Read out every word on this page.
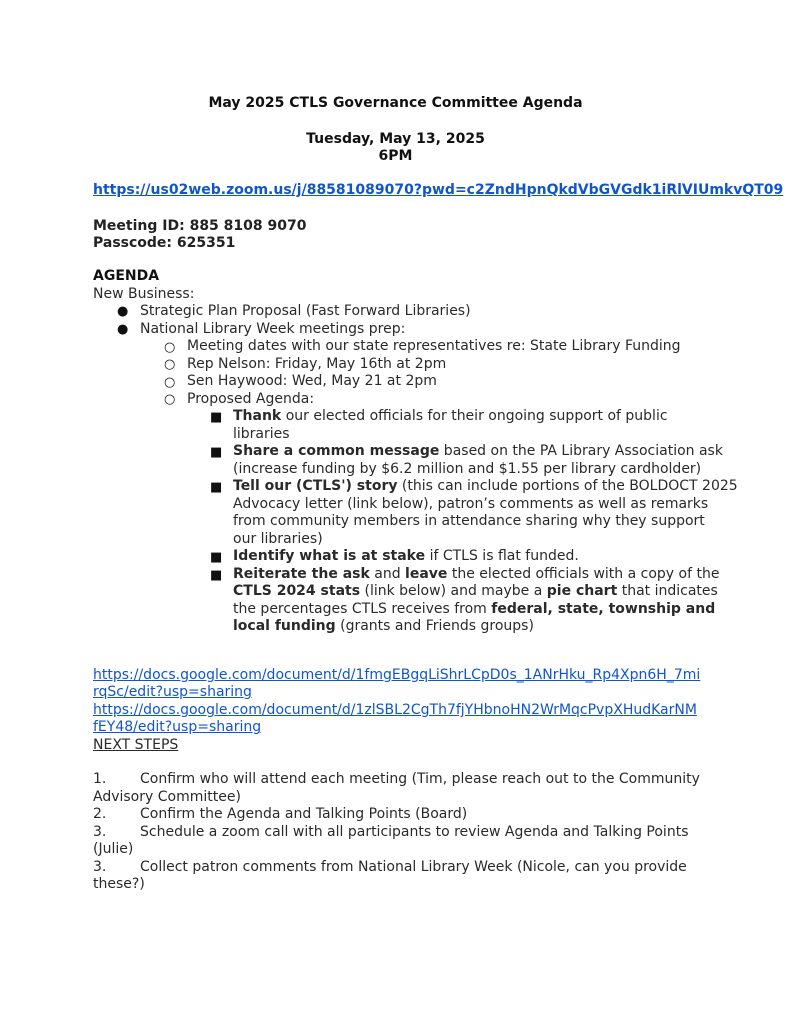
May 2025 CTLS Governance Committee Agenda
Tuesday, May 13, 2025
6PM
https://us02web.zoom.us/j/88581089070?pwd=c2ZndHpnQkdVbGVGdk1iRlVIUmkvQT09
Meeting ID: 885 8108 9070
Passcode: 625351
AGENDA
New Business:
● Strategic Plan Proposal (Fast Forward Libraries)
● National Library Week meetings prep:
○ Meeting dates with our state representatives re: State Library Funding
○ Rep Nelson: Friday, May 16th at 2pm
○ Sen Haywood: Wed, May 21 at 2pm
○ Proposed Agenda:
■ Thank our elected officials for their ongoing support of public
libraries
■ Share a common message based on the PA Library Association ask
(increase funding by $6.2 million and $1.55 per library cardholder)
■ Tell our (CTLS') story (this can include portions of the BOLDOCT 2025
Advocacy letter (link below), patron’s comments as well as remarks
from community members in attendance sharing why they support
our libraries)
■ Identify what is at stake if CTLS is flat funded.
■ Reiterate the ask and leave the elected officials with a copy of the
CTLS 2024 stats (link below) and maybe a pie chart that indicates
the percentages CTLS receives from federal, state, township and
local funding (grants and Friends groups)
https://docs.google.com/document/d/1fmgEBgqLiShrLCpD0s_1ANrHku_Rp4Xpn6H_7mi
rqSc/edit?usp=sharing
https://docs.google.com/document/d/1zlSBL2CgTh7fjYHbnoHN2WrMqcPvpXHudKarNM
fEY48/edit?usp=sharing
NEXT STEPS
1. Confirm who will attend each meeting (Tim, please reach out to the Community
Advisory Committee)
2. Confirm the Agenda and Talking Points (Board)
3. Schedule a zoom call with all participants to review Agenda and Talking Points
(Julie)
3. Collect patron comments from National Library Week (Nicole, can you provide
these?)
